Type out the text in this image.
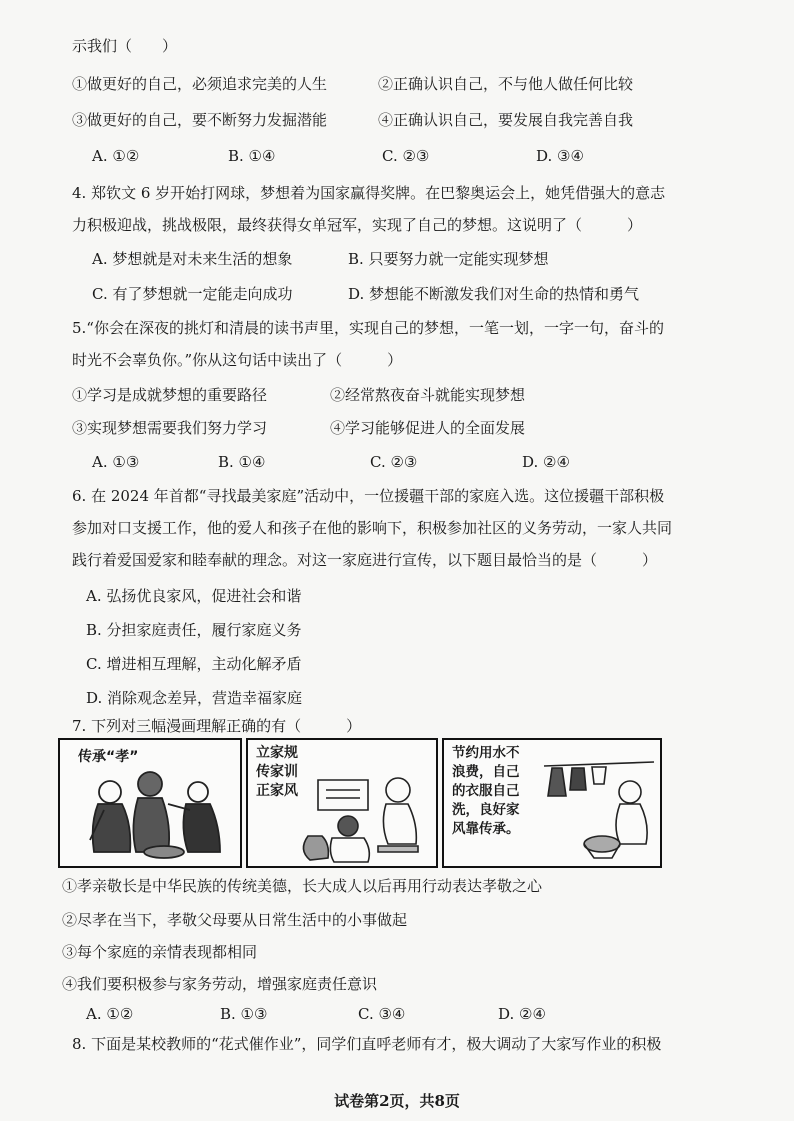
示我们（　　）
①做更好的自己，必须追求完美的人生	②正确认识自己，不与他人做任何比较
③做更好的自己，要不断努力发掘潜能	④正确认识自己，要发展自我完善自我
A. ①②	B. ①④	C. ②③	D. ③④
4. 郑钦文 6 岁开始打网球，梦想着为国家赢得奖牌。在巴黎奥运会上，她凭借强大的意志
力积极迎战，挑战极限，最终获得女单冠军，实现了自己的梦想。这说明了（　　　）
A. 梦想就是对未来生活的想象	B. 只要努力就一定能实现梦想
C. 有了梦想就一定能走向成功	D. 梦想能不断激发我们对生命的热情和勇气
5.“你会在深夜的挑灯和清晨的读书声里，实现自己的梦想，一笔一划，一字一句，奋斗的
时光不会辜负你。”你从这句话中读出了（　　　）
①学习是成就梦想的重要路径	②经常熬夜奋斗就能实现梦想
③实现梦想需要我们努力学习	④学习能够促进人的全面发展
A. ①③	B. ①④	C. ②③	D. ②④
6. 在 2024 年首都“寻找最美家庭”活动中，一位援疆干部的家庭入选。这位援疆干部积极
参加对口支援工作，他的爱人和孩子在他的影响下，积极参加社区的义务劳动，一家人共同
践行着爱国爱家和睦奉献的理念。对这一家庭进行宣传，以下题目最恰当的是（　　　）
A. 弘扬优良家风，促进社会和谐
B. 分担家庭责任，履行家庭义务
C. 增进相互理解，主动化解矛盾
D. 消除观念差异，营造幸福家庭
7. 下列对三幅漫画理解正确的有（　　　）
传承“孝”	立家规
传家训
正家风
节约用水不
浪费，自己
的衣服自己
洗，良好家
风靠传承。
①孝亲敬长是中华民族的传统美德，长大成人以后再用行动表达孝敬之心
②尽孝在当下，孝敬父母要从日常生活中的小事做起
③每个家庭的亲情表现都相同
④我们要积极参与家务劳动，增强家庭责任意识
A. ①②	B. ①③	C. ③④	D. ②④
8. 下面是某校教师的“花式催作业”，同学们直呼老师有才，极大调动了大家写作业的积极
试卷第2页，共8页
